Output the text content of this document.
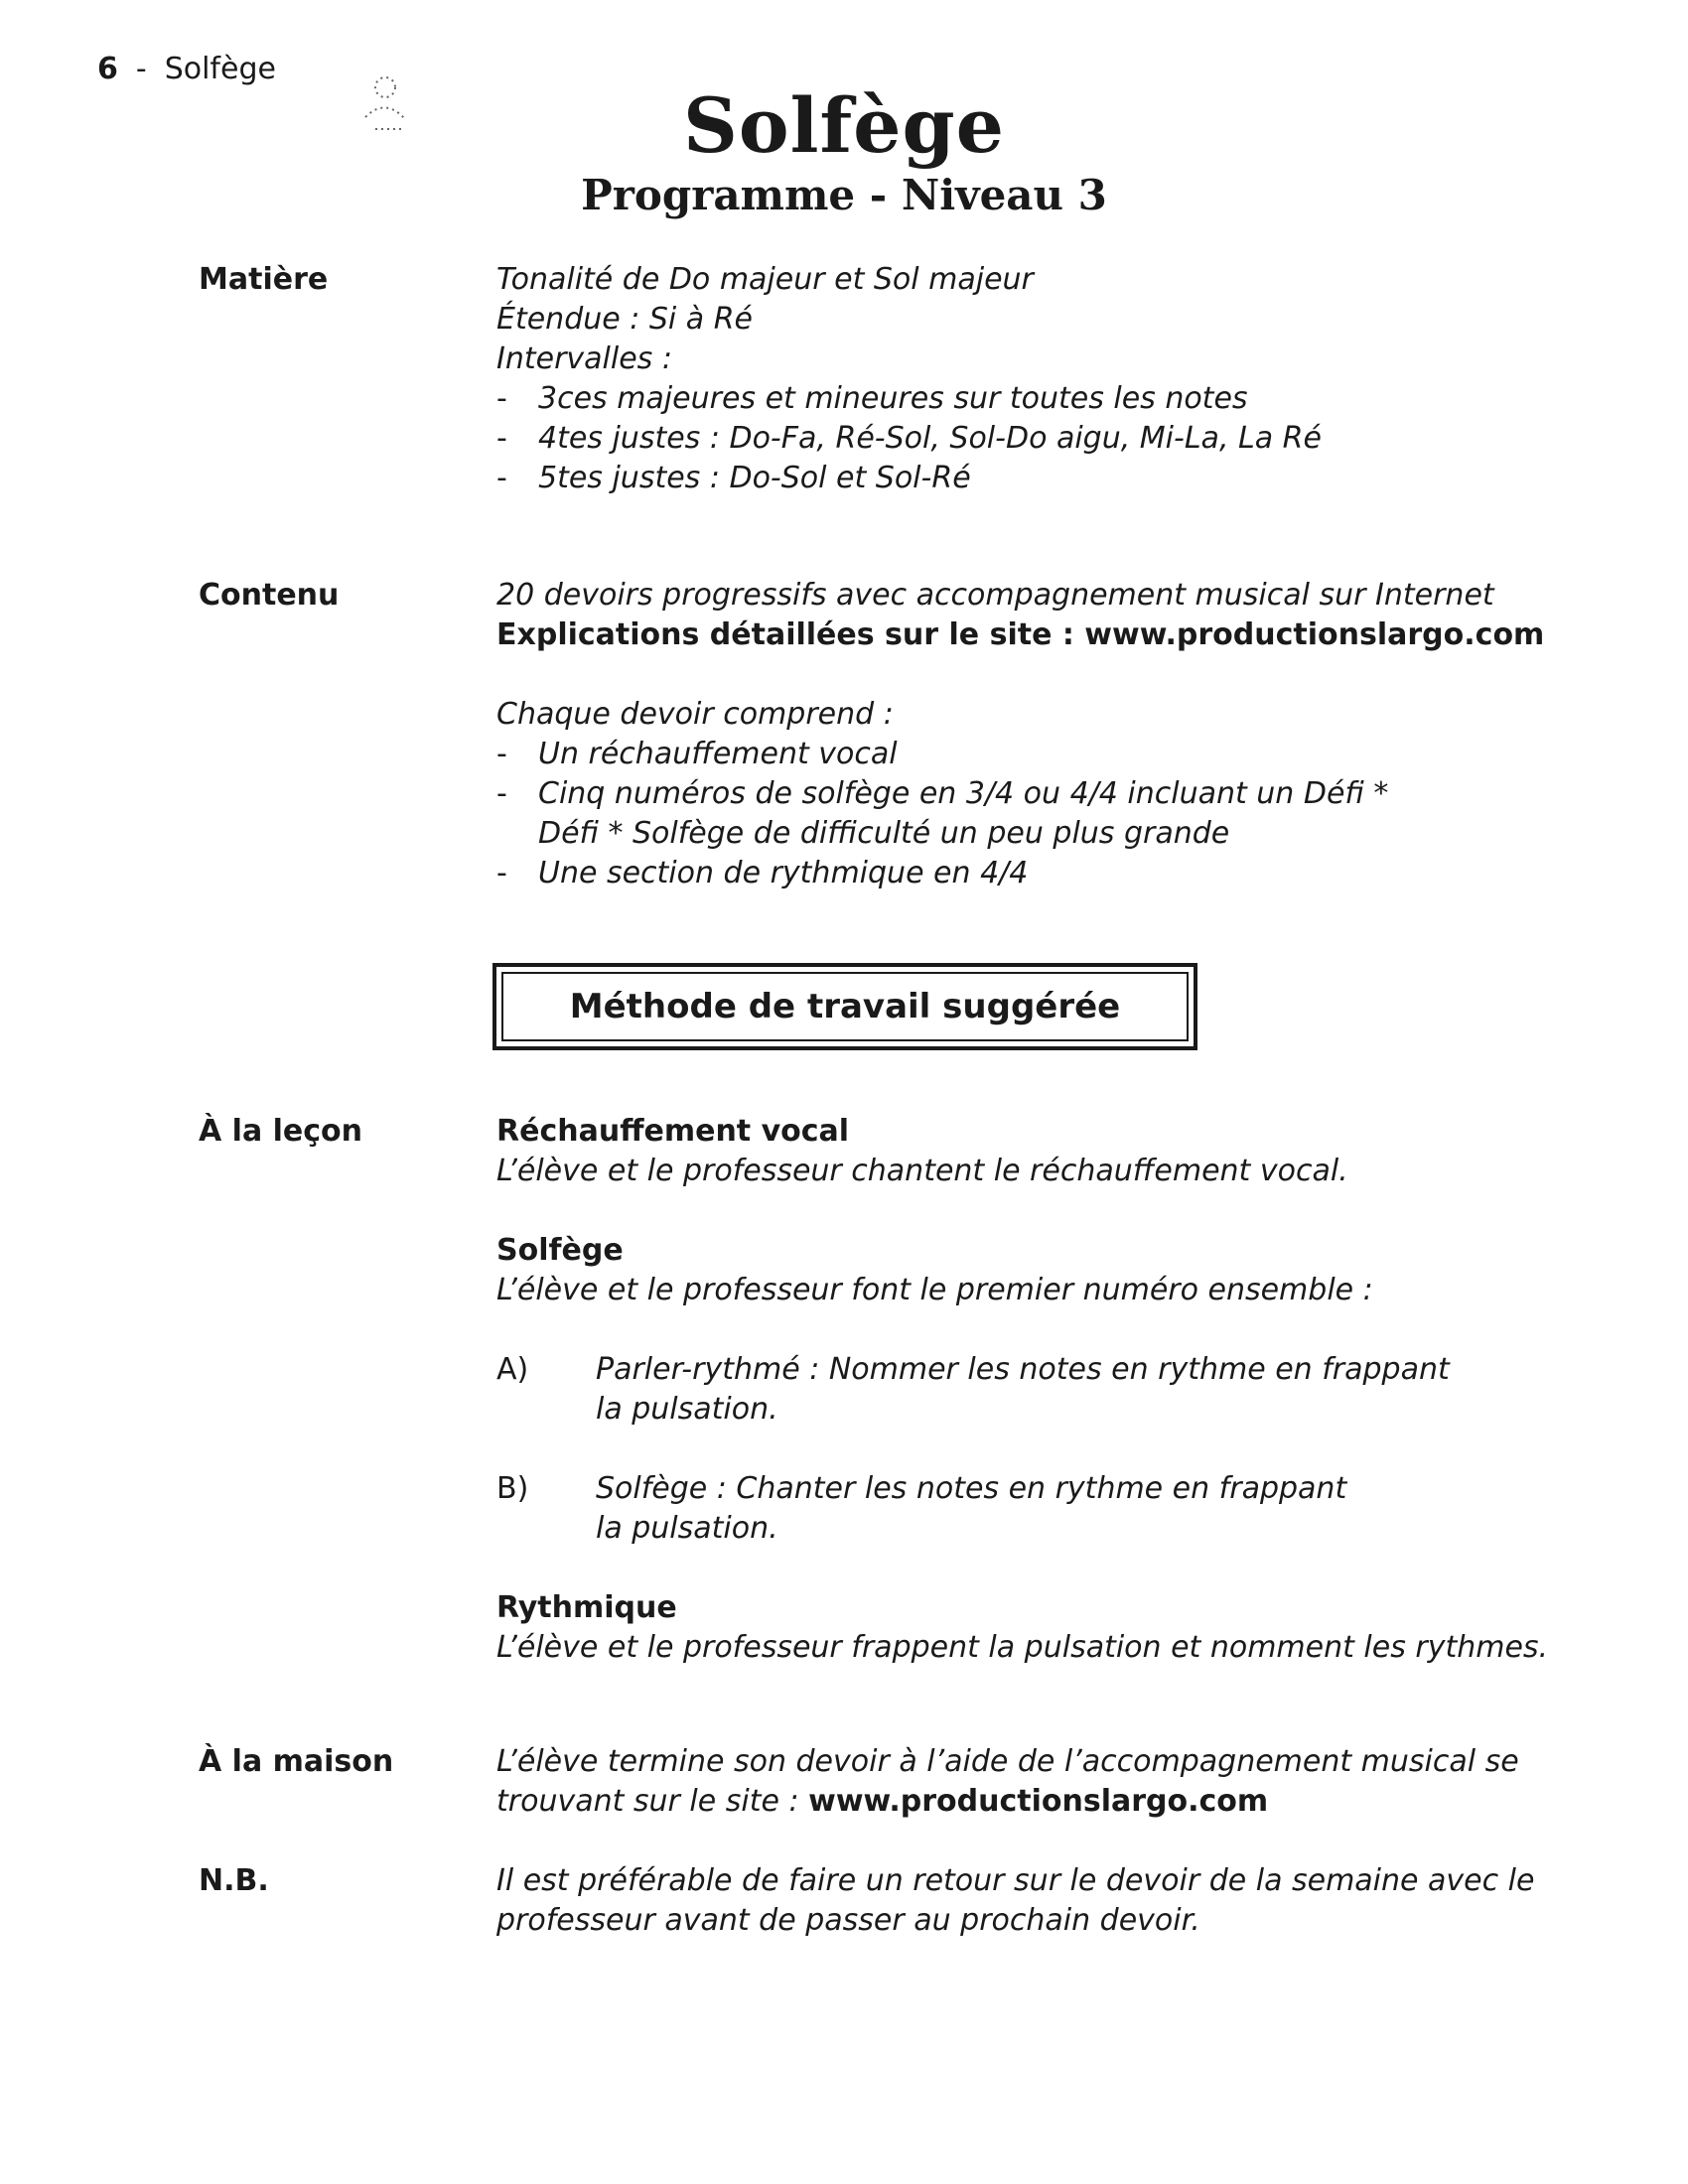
6 - Solfège
Solfège
Programme - Niveau 3
Matière	Tonalité de Do majeur et Sol majeur
Étendue : Si à Ré
Intervalles :
- 3ces majeures et mineures sur toutes les notes
- 4tes justes : Do-Fa, Ré-Sol, Sol-Do aigu, Mi-La, La Ré
- 5tes justes : Do-Sol et Sol-Ré
Contenu	20 devoirs progressifs avec accompagnement musical sur Internet
Explications détaillées sur le site : www.productionslargo.com
Chaque devoir comprend :
- Un réchauffement vocal
- Cinq numéros de solfège en 3/4 ou 4/4 incluant un Défi *
Défi * Solfège de difficulté un peu plus grande
- Une section de rythmique en 4/4
Méthode de travail suggérée
À la leçon	Réchauffement vocal
L’élève et le professeur chantent le réchauffement vocal.
Solfège
L’élève et le professeur font le premier numéro ensemble :
A)	Parler-rythmé : Nommer les notes en rythme en frappant
la pulsation.
B)	Solfège : Chanter les notes en rythme en frappant
la pulsation.
Rythmique
L’élève et le professeur frappent la pulsation et nomment les rythmes.
À la maison	L’élève termine son devoir à l’aide de l’accompagnement musical se
trouvant sur le site : www.productionslargo.com
N.B.	Il est préférable de faire un retour sur le devoir de la semaine avec le
professeur avant de passer au prochain devoir.
